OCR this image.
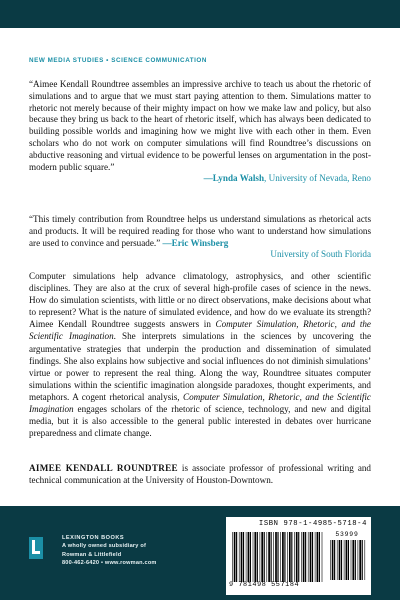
NEW MEDIA STUDIES • SCIENCE COMMUNICATION

“Aimee Kendall Roundtree assembles an impressive archive to teach us about the rhetoric of simulations and to argue that we must start paying attention to them. Simulations matter to rhetoric not merely because of their mighty impact on how we make law and policy, but also because they bring us back to the heart of rhetoric itself, which has always been dedicated to building possible worlds and imagining how we might live with each other in them. Even scholars who do not work on computer simulations will find Roundtree’s discussions on abductive reasoning and virtual evidence to be powerful lenses on argumentation in the post-modern public square.”

—Lynda Walsh, University of Nevada, Reno

“This timely contribution from Roundtree helps us understand simulations as rhetorical acts and products. It will be required reading for those who want to understand how simulations are used to convince and persuade.” —Eric Winsberg

University of South Florida

Computer simulations help advance climatology, astrophysics, and other scientific disciplines. They are also at the crux of several high-profile cases of science in the news. How do simulation scientists, with little or no direct observations, make decisions about what to represent? What is the nature of simulated evidence, and how do we evaluate its strength? Aimee Kendall Roundtree suggests answers in Computer Simulation, Rhetoric, and the Scientific Imagination. She interprets simulations in the sciences by uncovering the argumentative strategies that underpin the production and dissemination of simulated findings. She also explains how subjective and social influences do not diminish simulations’ virtue or power to represent the real thing. Along the way, Roundtree situates computer simulations within the scientific imagination alongside paradoxes, thought experiments, and metaphors. A cogent rhetorical analysis, Computer Simulation, Rhetoric, and the Scientific Imagination engages scholars of the rhetoric of science, technology, and new and digital media, but it is also accessible to the general public interested in debates over hurricane preparedness and climate change.

AIMEE KENDALL ROUNDTREE is associate professor of professional writing and technical communication at the University of Houston-Downtown.

LEXINGTON BOOKS
A wholly owned subsidiary of
Rowman & Littlefield
800-462-6420 • www.rowman.com
ISBN 978-1-4985-5718-4
53999
9 781498 557184
